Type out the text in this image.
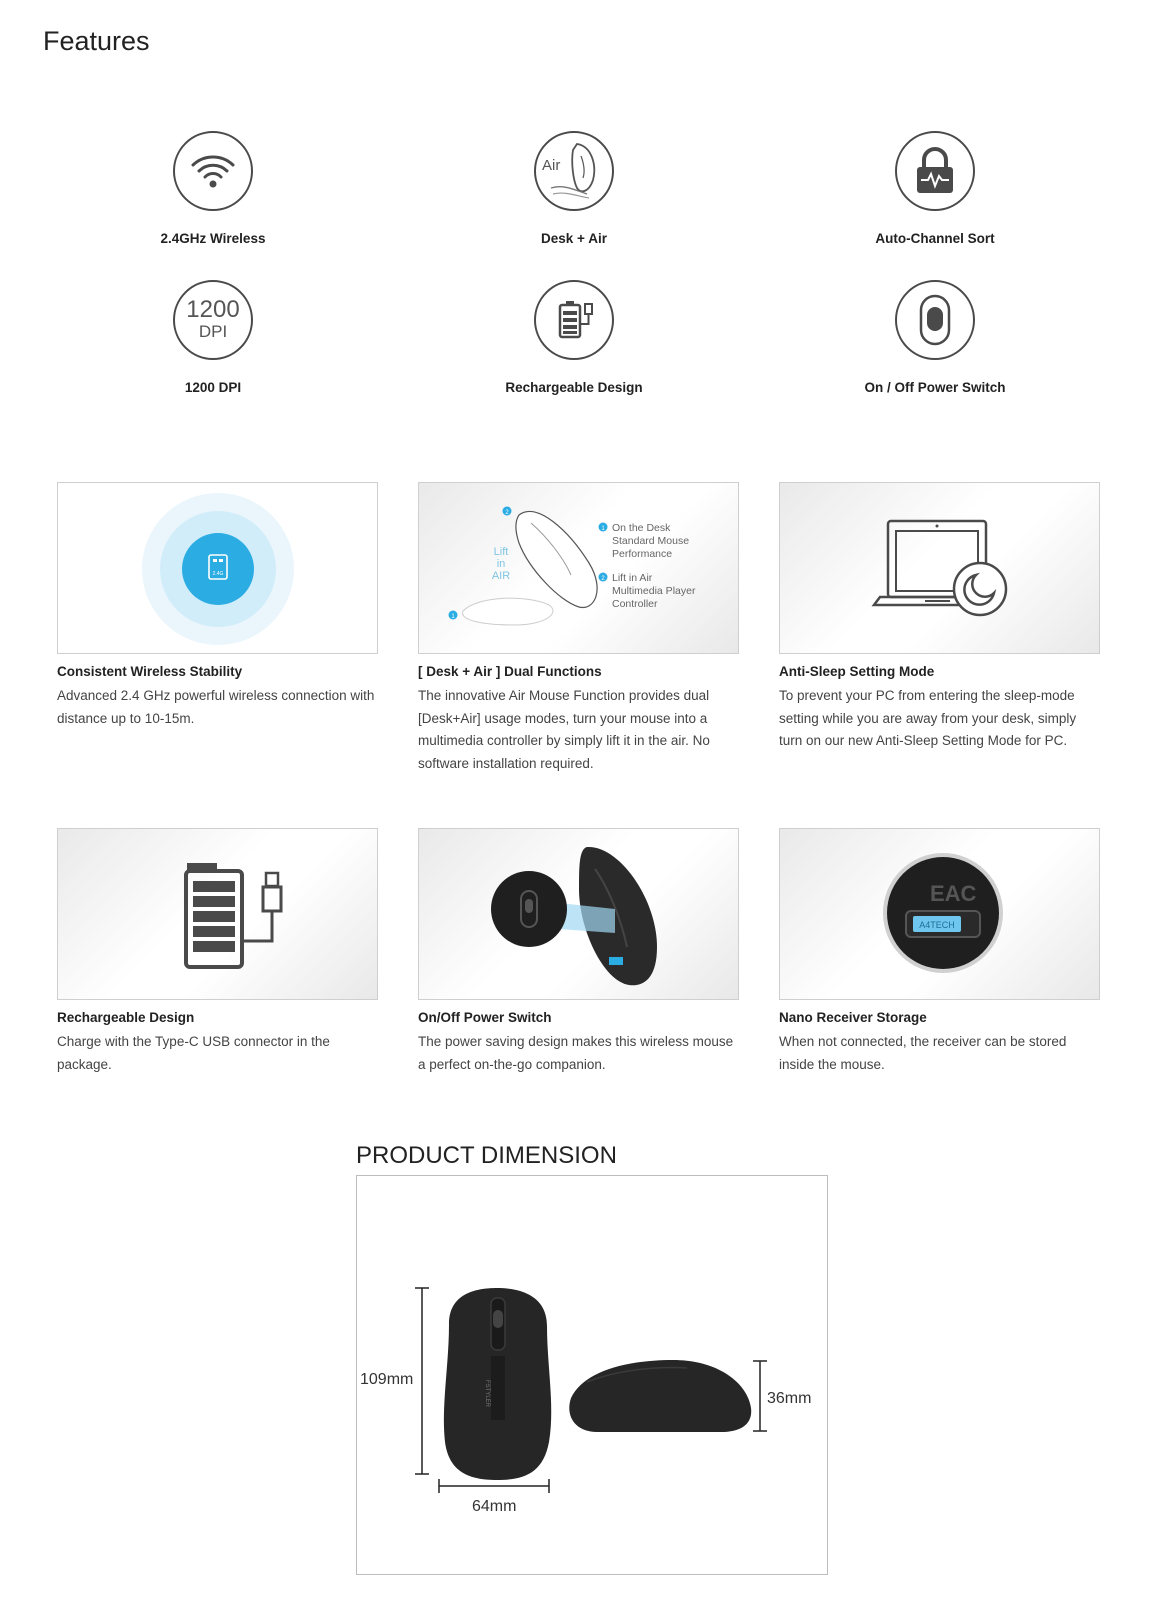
Features
2.4GHz Wireless
Air
Desk + Air	Auto-Channel Sort
1200
DPI
1200 DPI	Rechargeable Design	On / Off Power Switch
2.4G
Consistent Wireless Stability

Advanced 2.4 GHz powerful wireless connection with distance up to 10-15m.

Lift
in
AIR
2
1
1 On the Desk
Standard Mouse
Performance
2 Lift in Air
Multimedia Player
Controller
[ Desk + Air ] Dual Functions

The innovative Air Mouse Function provides dual [Desk+Air] usage modes, turn your mouse into a multimedia controller by simply lift it in the air. No software installation required.

Anti-Sleep Setting Mode

To prevent your PC from entering the sleep-mode setting while you are away from your desk, simply turn on our new Anti-Sleep Setting Mode for PC.

Rechargeable Design

Charge with the Type-C USB connector in the package.

On/Off Power Switch

The power saving design makes this wireless mouse a perfect on-the-go companion.

EAC
A4TECH
Nano Receiver Storage

When not connected, the receiver can be stored inside the mouse.

PRODUCT DIMENSION
FSTYLER
109mm
64mm
36mm
